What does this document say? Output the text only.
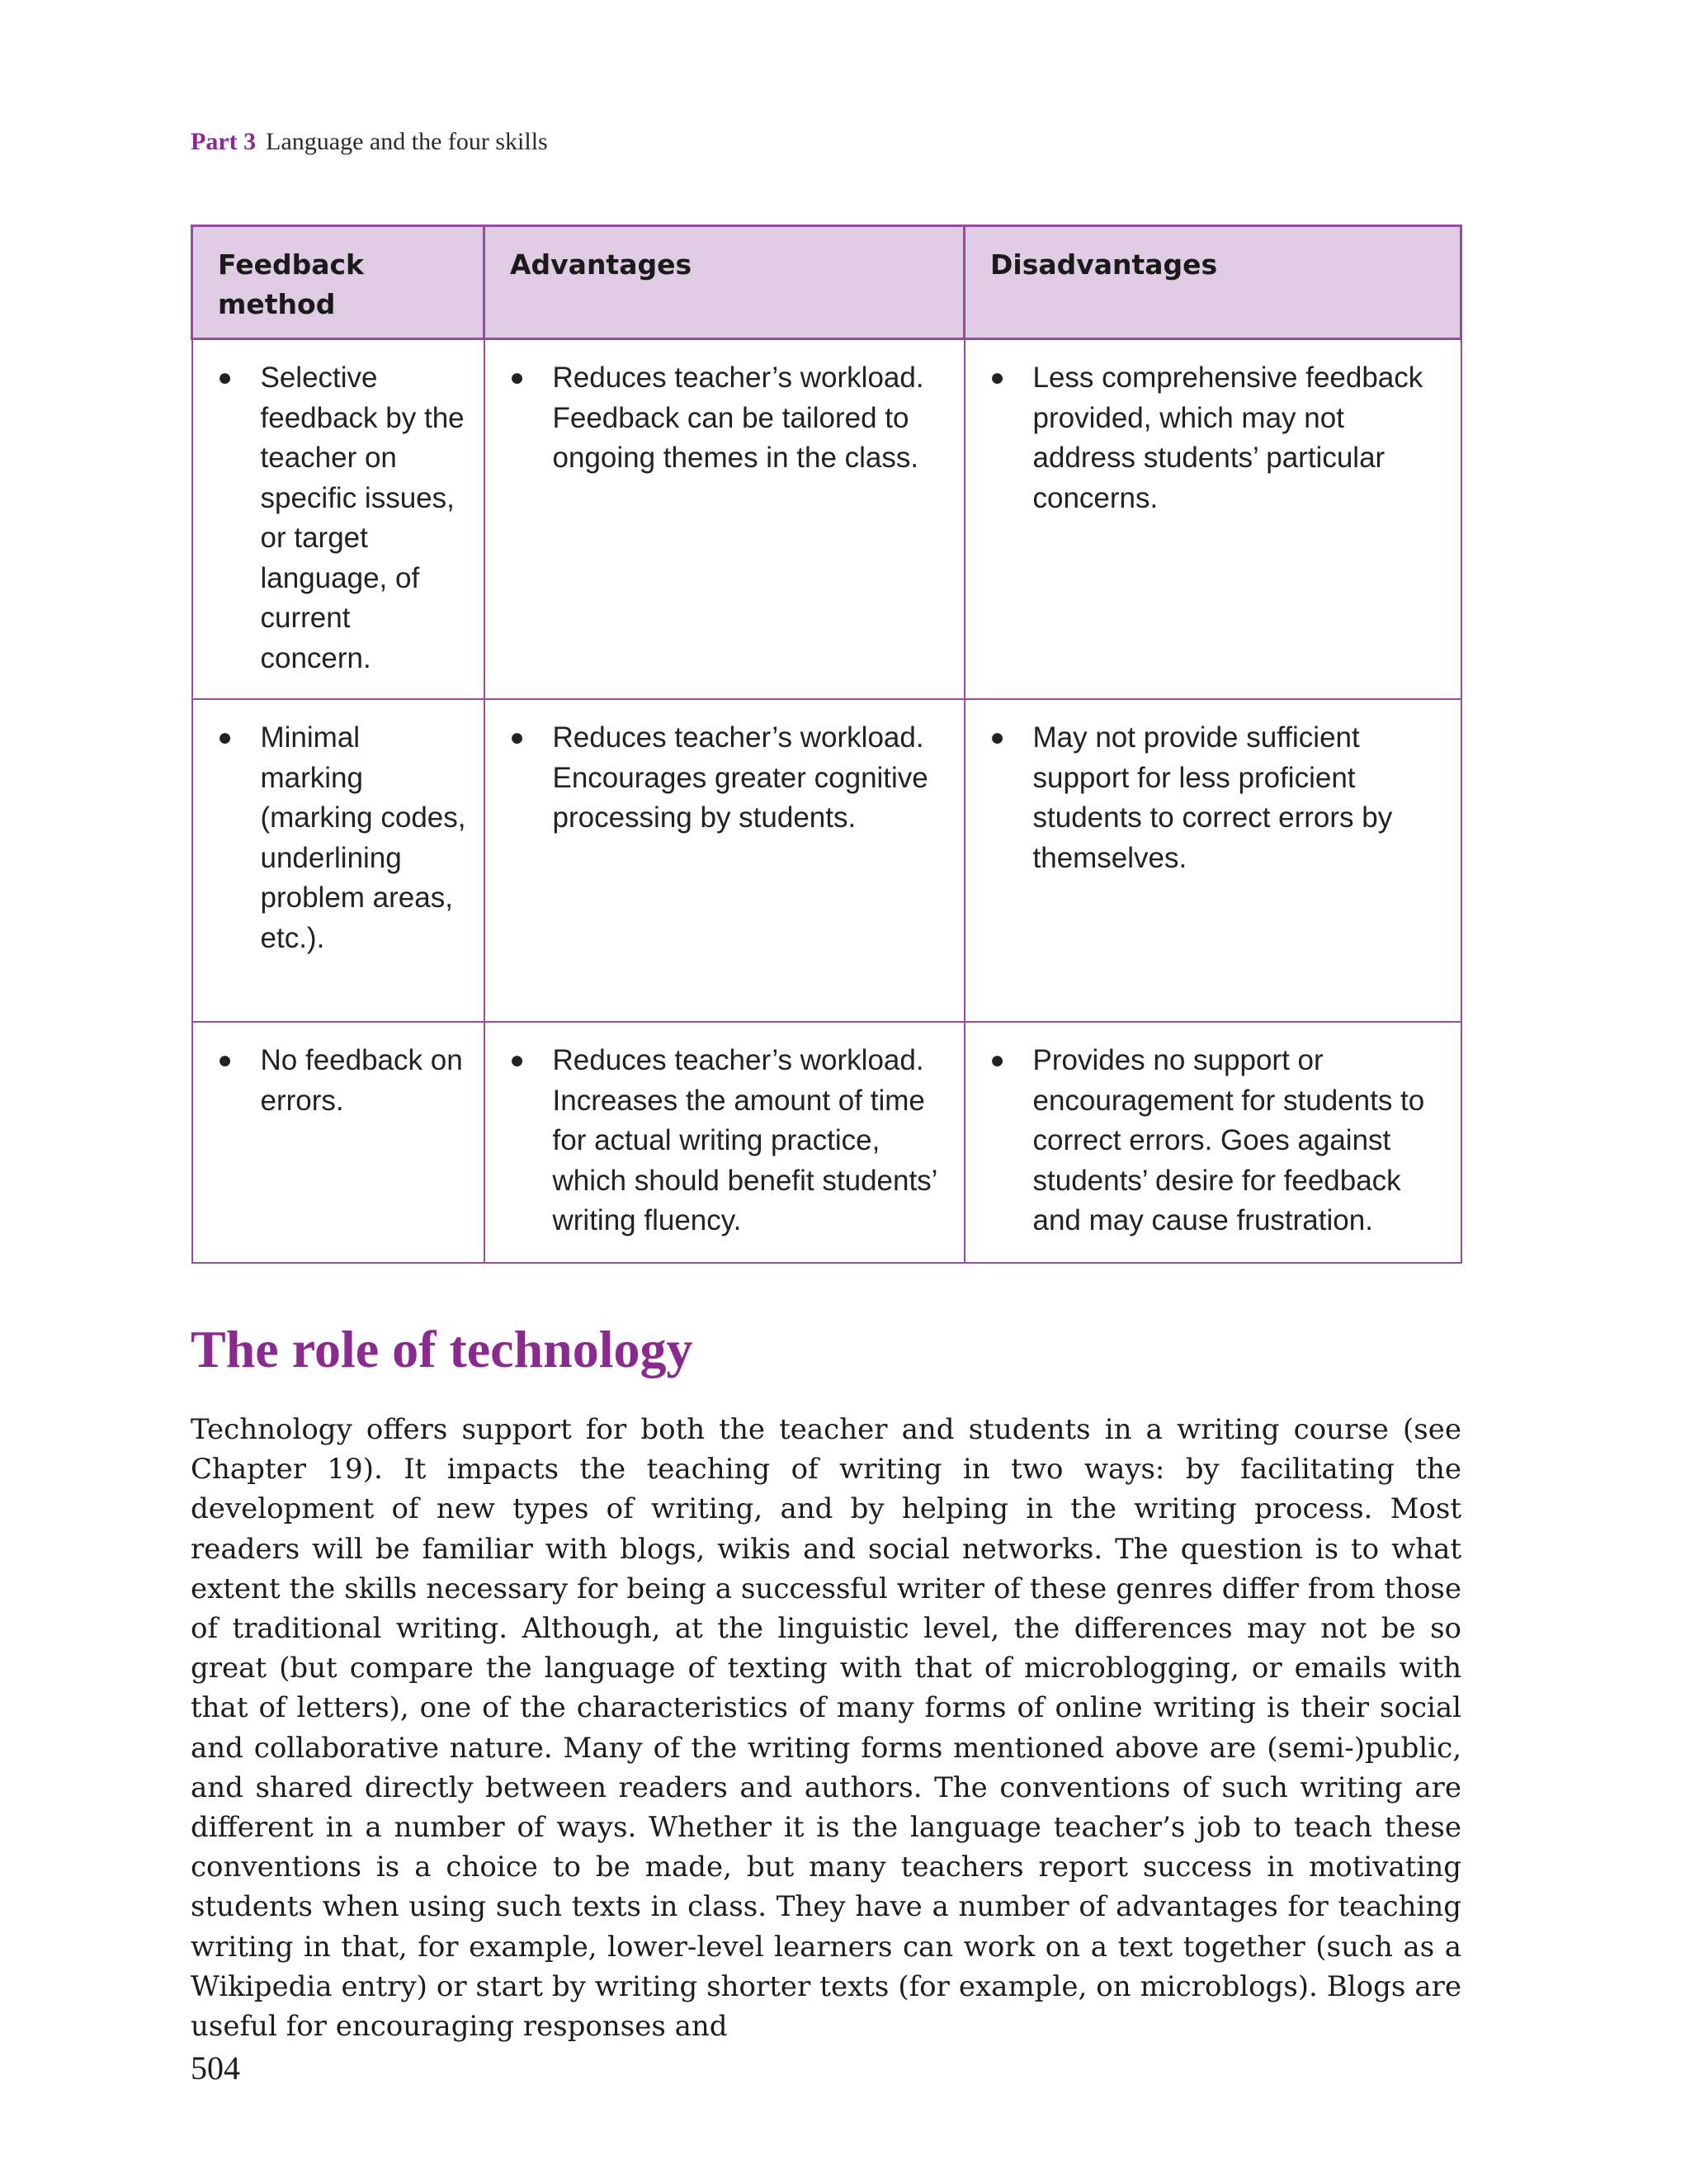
Part 3 Language and the four skills
Feedback method	Advantages	Disadvantages

● Selective feedback by the teacher on specific issues, or target language, of current concern.	● Reduces teacher’s workload. Feedback can be tailored to ongoing themes in the class.	● Less comprehensive feedback provided, which may not address students’ particular concerns.

● Minimal marking (marking codes, underlining problem areas, etc.).	● Reduces teacher’s workload. Encourages greater cognitive processing by students.	● May not provide sufficient support for less proficient students to correct errors by themselves.

● No feedback on errors.	● Reduces teacher’s workload. Increases the amount of time for actual writing practice, which should benefit students’ writing fluency.	● Provides no support or encouragement for students to correct errors. Goes against students’ desire for feedback and may cause frustration.
The role of technology

Technology offers support for both the teacher and students in a writing course (see Chapter 19). It impacts the teaching of writing in two ways: by facilitating the development of new types of writing, and by helping in the writing process. Most readers will be familiar with blogs, wikis and social networks. The question is to what extent the skills necessary for being a successful writer of these genres differ from those of traditional writing. Although, at the linguistic level, the differences may not be so great (but compare the language of texting with that of microblogging, or emails with that of letters), one of the characteristics of many forms of online writing is their social and collaborative nature. Many of the writing forms mentioned above are (semi-)public, and shared directly between readers and authors. The conventions of such writing are different in a number of ways. Whether it is the language teacher’s job to teach these conventions is a choice to be made, but many teachers report success in motivating students when using such texts in class. They have a number of advantages for teaching writing in that, for example, lower-level learners can work on a text together (such as a Wikipedia entry) or start by writing shorter texts (for example, on microblogs). Blogs are useful for encouraging responses and

504
